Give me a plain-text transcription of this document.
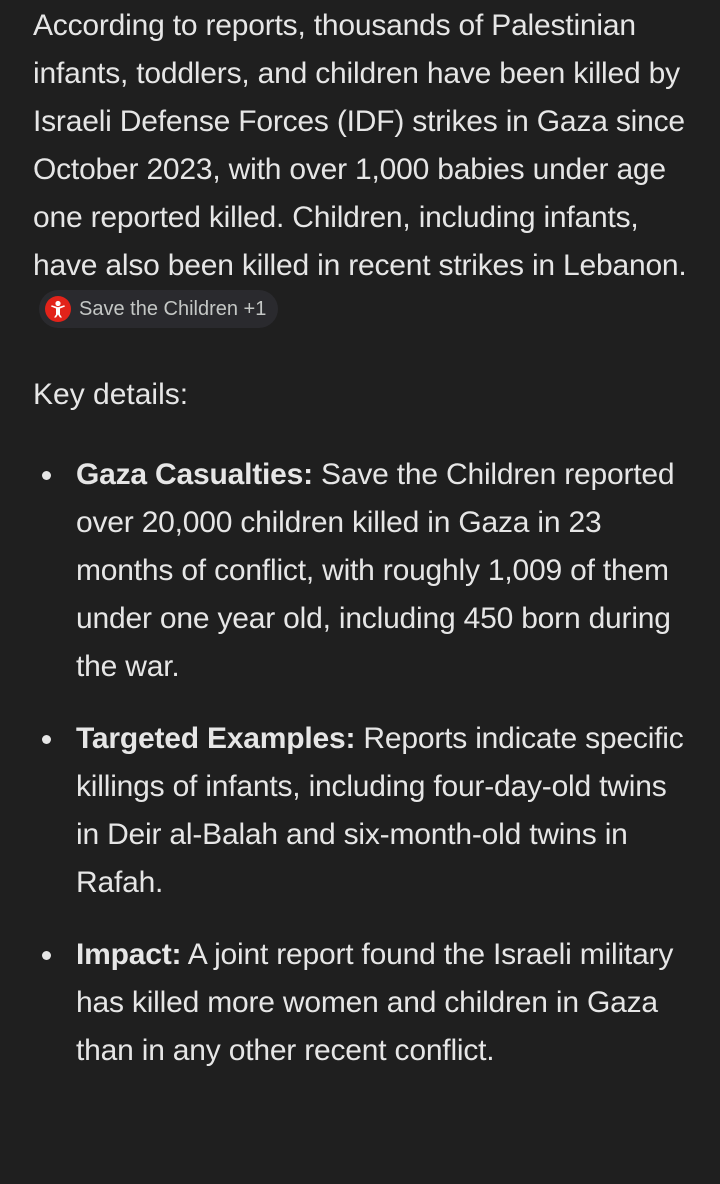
According to reports, thousands of Palestinian infants, toddlers, and children have been killed by Israeli Defense Forces (IDF) strikes in Gaza since October 2023, with over 1,000 babies under age one reported killed. Children, including infants, have also been killed in recent strikes in Lebanon.
Save the Children +1

Key details:

Gaza Casualties: Save the Children reported over 20,000 children killed in Gaza in 23 months of conflict, with roughly 1,009 of them under one year old, including 450 born during the war.
Targeted Examples: Reports indicate specific killings of infants, including four-day-old twins in Deir al-Balah and six-month-old twins in Rafah.
Impact: A joint report found the Israeli military has killed more women and children in Gaza than in any other recent conflict.
